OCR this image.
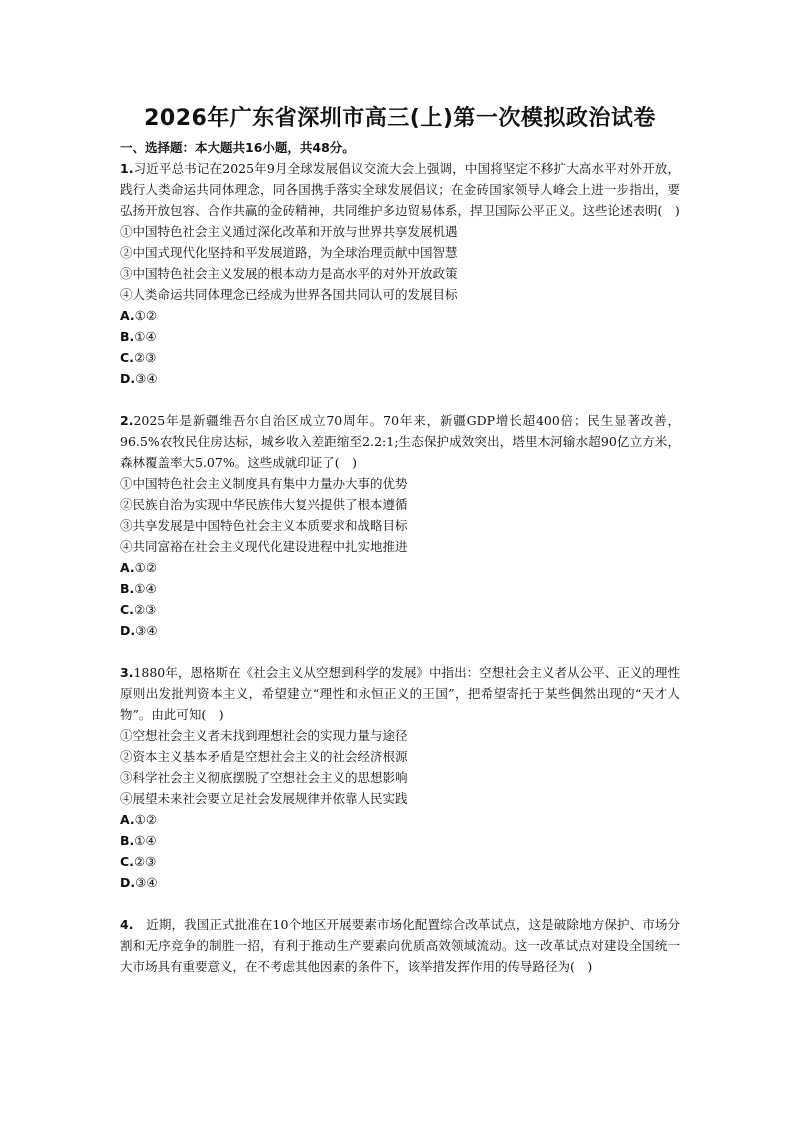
2026年广东省深圳市高三(上)第一次模拟政治试卷

一、选择题：本大题共16小题，共48分。

1.习近平总书记在2025年9月全球发展倡议交流大会上强调，中国将坚定不移扩大高水平对外开放，践行人类命运共同体理念，同各国携手落实全球发展倡议；在金砖国家领导人峰会上进一步指出，要弘扬开放包容、合作共赢的金砖精神，共同维护多边贸易体系，捍卫国际公平正义。这些论述表明(　)

①中国特色社会主义通过深化改革和开放与世界共享发展机遇

②中国式现代化坚持和平发展道路，为全球治理贡献中国智慧

③中国特色社会主义发展的根本动力是高水平的对外开放政策

④人类命运共同体理念已经成为世界各国共同认可的发展目标

A.①②

B.①④

C.②③

D.③④

2.2025年是新疆维吾尔自治区成立70周年。70年来，新疆GDP增长超400倍；民生显著改善，96.5%农牧民住房达标，城乡收入差距缩至2.2:1;生态保护成效突出，塔里木河输水超90亿立方米，森林覆盖率大5.07%。这些成就印证了(　)

①中国特色社会主义制度具有集中力量办大事的优势

②民族自治为实现中华民族伟大复兴提供了根本遵循

③共享发展是中国特色社会主义本质要求和战略目标

④共同富裕在社会主义现代化建设进程中扎实地推进

A.①②

B.①④

C.②③

D.③④

3.1880年，恩格斯在《社会主义从空想到科学的发展》中指出：空想社会主义者从公平、正义的理性原则出发批判资本主义，希望建立“理性和永恒正义的王国”，把希望寄托于某些偶然出现的“天才人物”。由此可知(　)

①空想社会主义者未找到理想社会的实现力量与途径

②资本主义基本矛盾是空想社会主义的社会经济根源

③科学社会主义彻底摆脱了空想社会主义的思想影响

④展望未来社会要立足社会发展规律并依靠人民实践

A.①②

B.①④

C.②③

D.③④

4.　近期，我国正式批准在10个地区开展要素市场化配置综合改革试点，这是破除地方保护、市场分割和无序竞争的制胜一招，有利于推动生产要素向优质高效领域流动。这一改革试点对建设全国统一大市场具有重要意义，在不考虑其他因素的条件下，该举措发挥作用的传导路径为(　)
